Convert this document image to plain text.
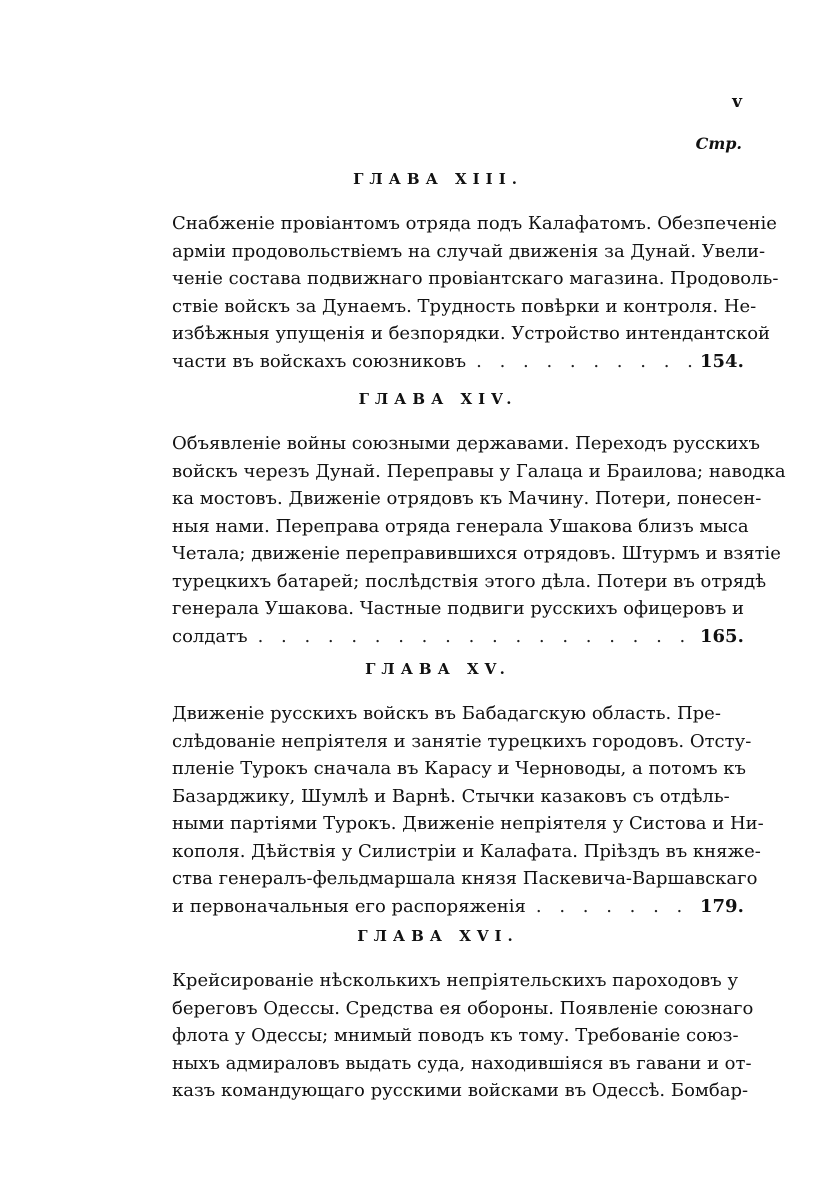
v
Стр.
ГЛАВА XIII.
Снабженіе провіантомъ отряда подъ Калафатомъ. Обезпеченіе
арміи продовольствіемъ на случай движенія за Дунай. Увели-
ченіе состава подвижнаго провіантскаго магазина. Продоволь-
ствіе войскъ за Дунаемъ. Трудность повѣрки и контроля. Не-
избѣжныя упущенія и безпорядки. Устройство интендантской
части въ войскахъ союзниковъ . . .	154.
ГЛАВА XIV.
Объявленіе войны союзными державами. Переходъ русскихъ
войскъ черезъ Дунай. Переправы у Галаца и Браилова; наводка
ка мостовъ. Движеніе отрядовъ къ Мачину. Потери, понесен-
ныя нами. Переправа отряда генерала Ушакова близъ мыса
Четала; движеніе переправившихся отрядовъ. Штурмъ и взятіе
турецкихъ батарей; послѣдствія этого дѣла. Потери въ отрядѣ
генерала Ушакова. Частные подвиги русскихъ офицеровъ и
солдатъ . . .	165.
ГЛАВА XV.
Движеніе русскихъ войскъ въ Бабадагскую область. Пре-
слѣдованіе непріятеля и занятіе турецкихъ городовъ. Отсту-
пленіе Турокъ сначала въ Карасу и Черноводы, а потомъ къ
Базарджику, Шумлѣ и Варнѣ. Стычки казаковъ съ отдѣль-
ными партіями Турокъ. Движеніе непріятеля у Систова и Ни-
кополя. Дѣйствія у Силистріи и Калафата. Пріѣздъ въ княже-
ства генералъ-фельдмаршала князя Паскевича-Варшавскаго
и первоначальныя его распоряженія . . .	179.
ГЛАВА XVI.
Крейсированіе нѣсколькихъ непріятельскихъ пароходовъ у
береговъ Одессы. Средства ея обороны. Появленіе союзнаго
флота у Одессы; мнимый поводъ къ тому. Требованіе союз-
ныхъ адмираловъ выдать суда, находившіяся въ гавани и от-
казъ командующаго русскими войсками въ Одессѣ. Бомбар-
